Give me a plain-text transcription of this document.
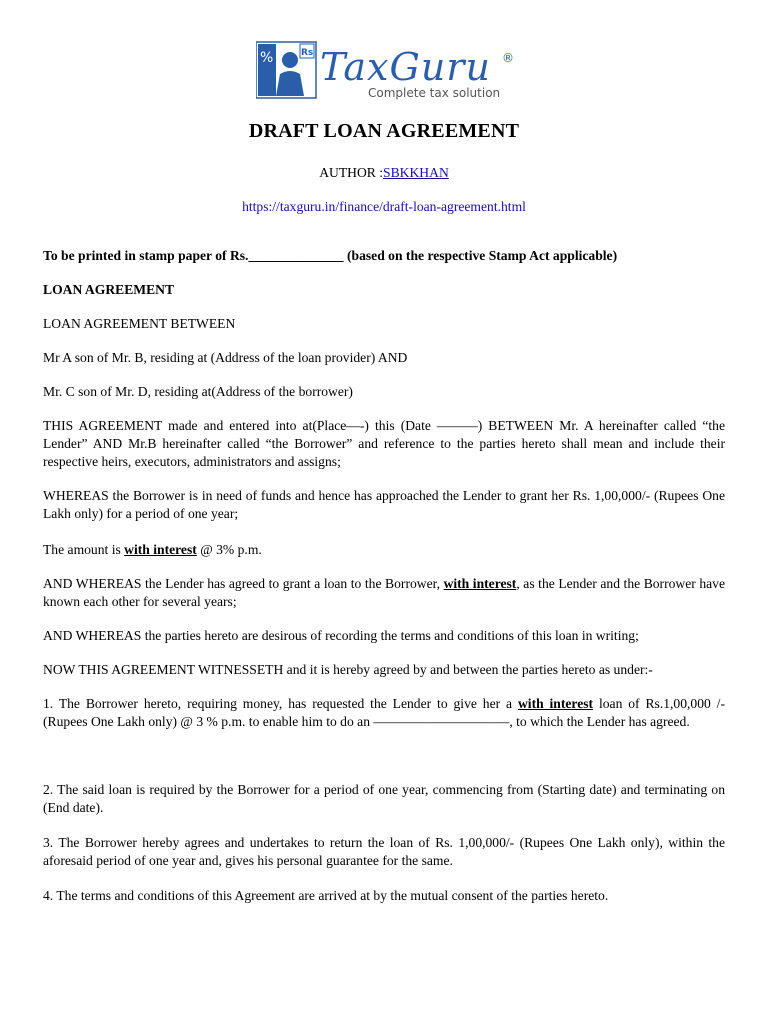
%	Rs TaxGuru ®
Complete tax solution
DRAFT LOAN AGREEMENT
AUTHOR :SBKKHAN
https://taxguru.in/finance/draft-loan-agreement.html

To be printed in stamp paper of Rs.______________ (based on the respective Stamp Act applicable)

LOAN AGREEMENT

LOAN AGREEMENT BETWEEN

Mr A son of Mr. B, residing at (Address of the loan provider) AND

Mr. C son of Mr. D, residing at(Address of the borrower)

THIS AGREEMENT made and entered into at(Place—-) this (Date ———) BETWEEN Mr. A hereinafter called “the Lender” AND Mr.B hereinafter called “the Borrower” and reference to the parties hereto shall mean and include their respective heirs, executors, administrators and assigns;

WHEREAS the Borrower is in need of funds and hence has approached the Lender to grant her Rs. 1,00,000/- (Rupees One Lakh only) for a period of one year;

The amount is with interest @ 3% p.m.

AND WHEREAS the Lender has agreed to grant a loan to the Borrower, with interest, as the Lender and the Borrower have known each other for several years;

AND WHEREAS the parties hereto are desirous of recording the terms and conditions of this loan in writing;

NOW THIS AGREEMENT WITNESSETH and it is hereby agreed by and between the parties hereto as under:-

1. The Borrower hereto, requiring money, has requested the Lender to give her a with interest loan of Rs.1,00,000 /- (Rupees One Lakh only) @ 3 % p.m. to enable him to do an ——————————, to which the Lender has agreed.

2. The said loan is required by the Borrower for a period of one year, commencing from (Starting date) and terminating on (End date).

3. The Borrower hereby agrees and undertakes to return the loan of Rs. 1,00,000/- (Rupees One Lakh only), within the aforesaid period of one year and, gives his personal guarantee for the same.

4. The terms and conditions of this Agreement are arrived at by the mutual consent of the parties hereto.
